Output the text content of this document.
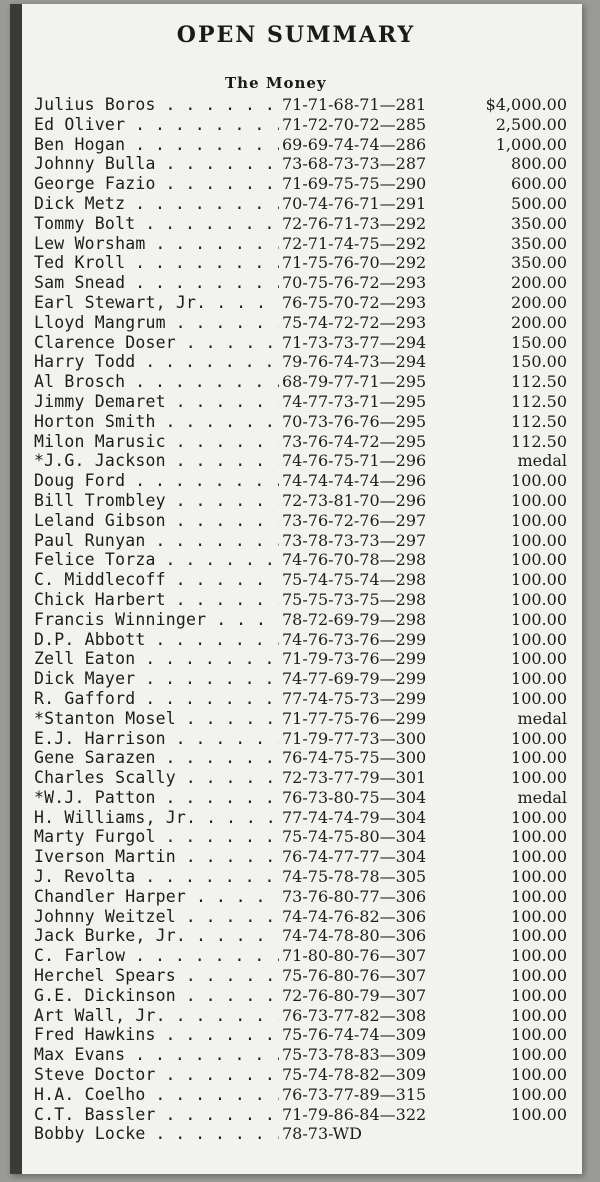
OPEN SUMMARY
The Money
Julius Boros . . .	71-71-68-71—281	$4,000.00
Ed Oliver . . .	71-72-70-72—285	2,500.00
Ben Hogan . . .	69-69-74-74—286	1,000.00
Johnny Bulla . . .	73-68-73-73—287	800.00
George Fazio . . .	71-69-75-75—290	600.00
Dick Metz . . .	70-74-76-71—291	500.00
Tommy Bolt . . .	72-76-71-73—292	350.00
Lew Worsham . . .	72-71-74-75—292	350.00
Ted Kroll . . .	71-75-76-70—292	350.00
Sam Snead . . .	70-75-76-72—293	200.00
Earl Stewart, Jr. . . .	76-75-70-72—293	200.00
Lloyd Mangrum . . .	75-74-72-72—293	200.00
Clarence Doser . . .	71-73-73-77—294	150.00
Harry Todd . . .	79-76-74-73—294	150.00
Al Brosch . . .	68-79-77-71—295	112.50
Jimmy Demaret . . .	74-77-73-71—295	112.50
Horton Smith . . .	70-73-76-76—295	112.50
Milon Marusic . . .	73-76-74-72—295	112.50
*J.G. Jackson . . .	74-76-75-71—296	medal
Doug Ford . . .	74-74-74-74—296	100.00
Bill Trombley . . .	72-73-81-70—296	100.00
Leland Gibson . . .	73-76-72-76—297	100.00
Paul Runyan . . .	73-78-73-73—297	100.00
Felice Torza . . .	74-76-70-78—298	100.00
C. Middlecoff . . .	75-74-75-74—298	100.00
Chick Harbert . . .	75-75-73-75—298	100.00
Francis Winninger . . .	78-72-69-79—298	100.00
D.P. Abbott . . .	74-76-73-76—299	100.00
Zell Eaton . . .	71-79-73-76—299	100.00
Dick Mayer . . .	74-77-69-79—299	100.00
R. Gafford . . .	77-74-75-73—299	100.00
*Stanton Mosel . . .	71-77-75-76—299	medal
E.J. Harrison . . .	71-79-77-73—300	100.00
Gene Sarazen . . .	76-74-75-75—300	100.00
Charles Scally . . .	72-73-77-79—301	100.00
*W.J. Patton . . .	76-73-80-75—304	medal
H. Williams, Jr. . . .	77-74-74-79—304	100.00
Marty Furgol . . .	75-74-75-80—304	100.00
Iverson Martin . . .	76-74-77-77—304	100.00
J. Revolta . . .	74-75-78-78—305	100.00
Chandler Harper . . .	73-76-80-77—306	100.00
Johnny Weitzel . . .	74-74-76-82—306	100.00
Jack Burke, Jr. . . .	74-74-78-80—306	100.00
C. Farlow . . .	71-80-80-76—307	100.00
Herchel Spears . . .	75-76-80-76—307	100.00
G.E. Dickinson . . .	72-76-80-79—307	100.00
Art Wall, Jr. . . .	76-73-77-82—308	100.00
Fred Hawkins . . .	75-76-74-74—309	100.00
Max Evans . . .	75-73-78-83—309	100.00
Steve Doctor . . .	75-74-78-82—309	100.00
H.A. Coelho . . .	76-73-77-89—315	100.00
C.T. Bassler . . .	71-79-86-84—322	100.00
Bobby Locke . . .	78-73-WD
